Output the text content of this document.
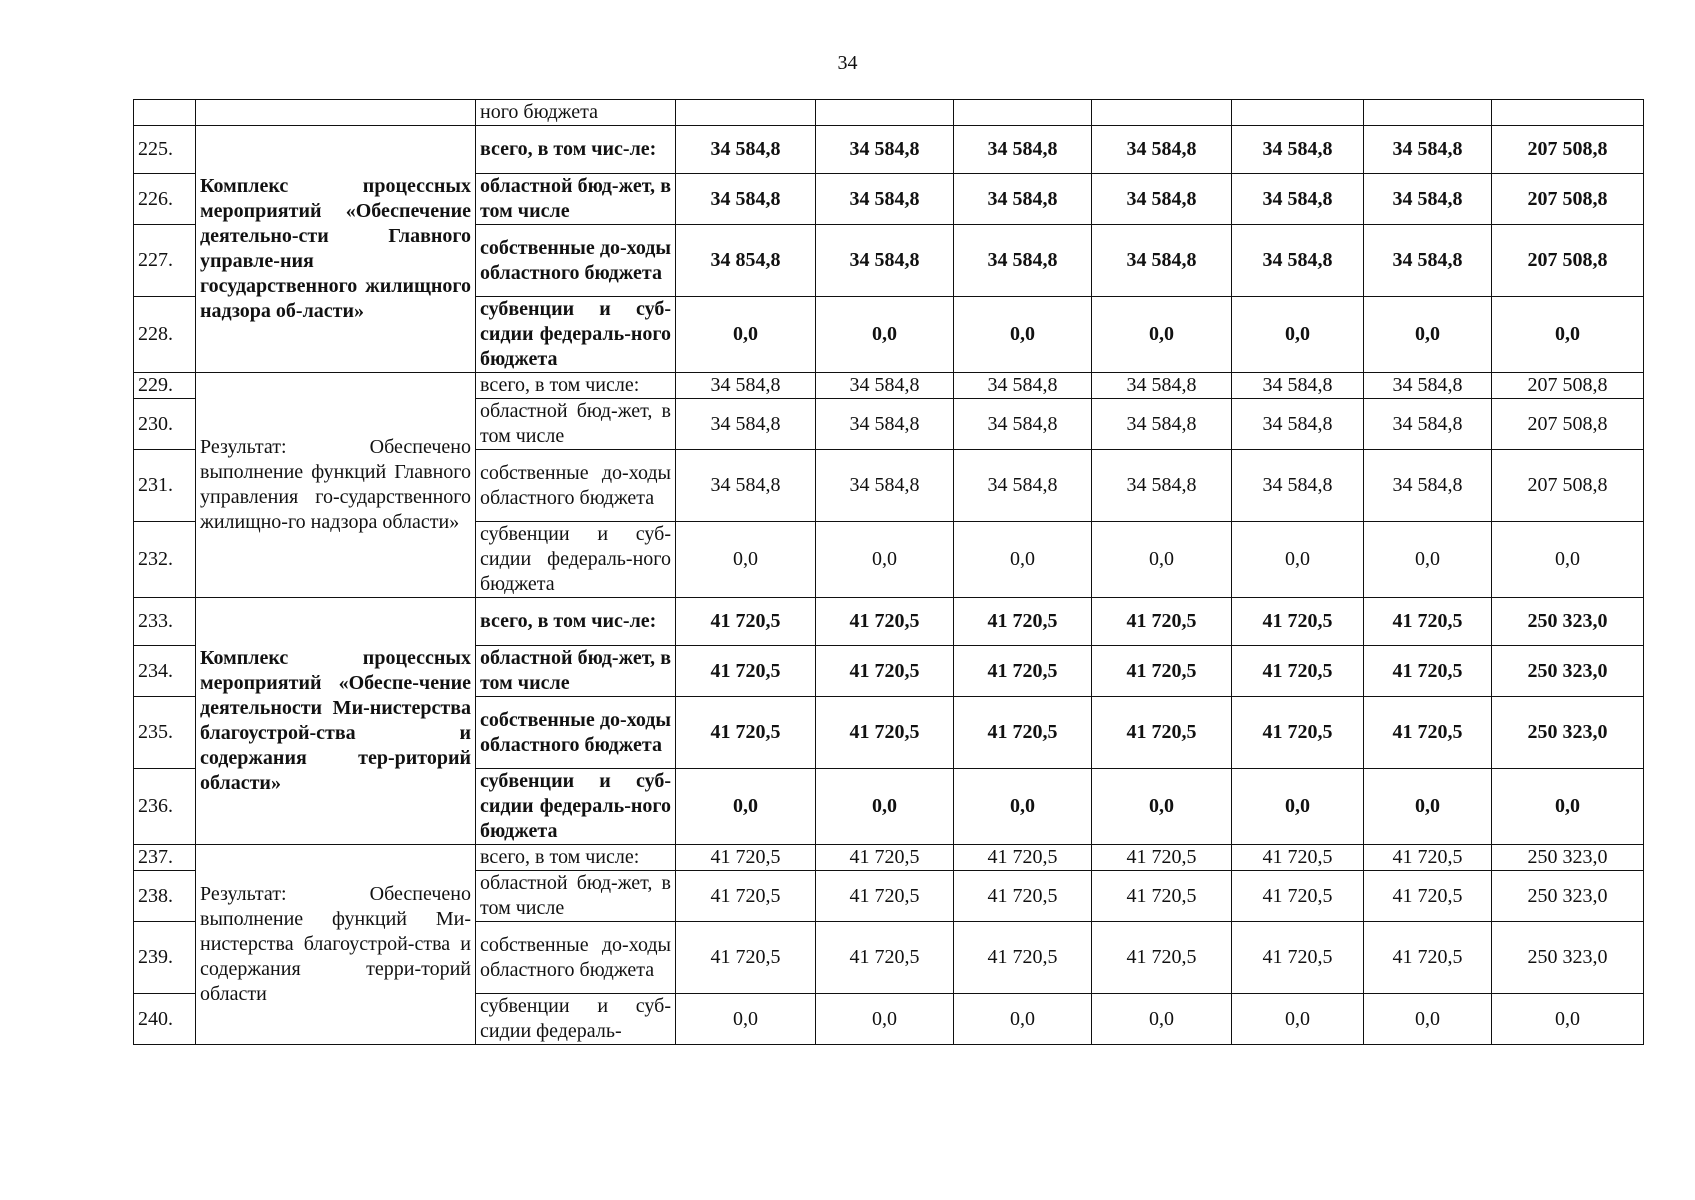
34
		ного бюджета							
225.	Комплекс процессных мероприятий «Обеспечение деятельно-сти Главного управле-ния государственного жилищного надзора об-ласти»	всего, в том чис-ле:	34 584,8	34 584,8	34 584,8	34 584,8	34 584,8	34 584,8	207 508,8
226.		областной бюд-жет, в том числе	34 584,8	34 584,8	34 584,8	34 584,8	34 584,8	34 584,8	207 508,8
227.		собственные до-ходы областного бюджета	34 854,8	34 584,8	34 584,8	34 584,8	34 584,8	34 584,8	207 508,8
228.		субвенции и суб-сидии федераль-ного бюджета	0,0	0,0	0,0	0,0	0,0	0,0	0,0
229.	Результат: Обеспечено выполнение функций Главного управления го-сударственного жилищно-го надзора области»	всего, в том числе:	34 584,8	34 584,8	34 584,8	34 584,8	34 584,8	34 584,8	207 508,8
230.		областной бюд-жет, в том числе	34 584,8	34 584,8	34 584,8	34 584,8	34 584,8	34 584,8	207 508,8
231.		собственные до-ходы областного бюджета	34 584,8	34 584,8	34 584,8	34 584,8	34 584,8	34 584,8	207 508,8
232.		субвенции и суб-сидии федераль-ного бюджета	0,0	0,0	0,0	0,0	0,0	0,0	0,0
233.	Комплекс процессных мероприятий «Обеспе-чение деятельности Ми-нистерства благоустрой-ства и содержания тер-риторий области»	всего, в том чис-ле:	41 720,5	41 720,5	41 720,5	41 720,5	41 720,5	41 720,5	250 323,0
234.		областной бюд-жет, в том числе	41 720,5	41 720,5	41 720,5	41 720,5	41 720,5	41 720,5	250 323,0
235.		собственные до-ходы областного бюджета	41 720,5	41 720,5	41 720,5	41 720,5	41 720,5	41 720,5	250 323,0
236.		субвенции и суб-сидии федераль-ного бюджета	0,0	0,0	0,0	0,0	0,0	0,0	0,0
237.	Результат: Обеспечено выполнение функций Ми-нистерства благоустрой-ства и содержания терри-торий области	всего, в том числе:	41 720,5	41 720,5	41 720,5	41 720,5	41 720,5	41 720,5	250 323,0
238.		областной бюд-жет, в том числе	41 720,5	41 720,5	41 720,5	41 720,5	41 720,5	41 720,5	250 323,0
239.		собственные до-ходы областного бюджета	41 720,5	41 720,5	41 720,5	41 720,5	41 720,5	41 720,5	250 323,0
240.		субвенции и суб-сидии федераль-	0,0	0,0	0,0	0,0	0,0	0,0	0,0
